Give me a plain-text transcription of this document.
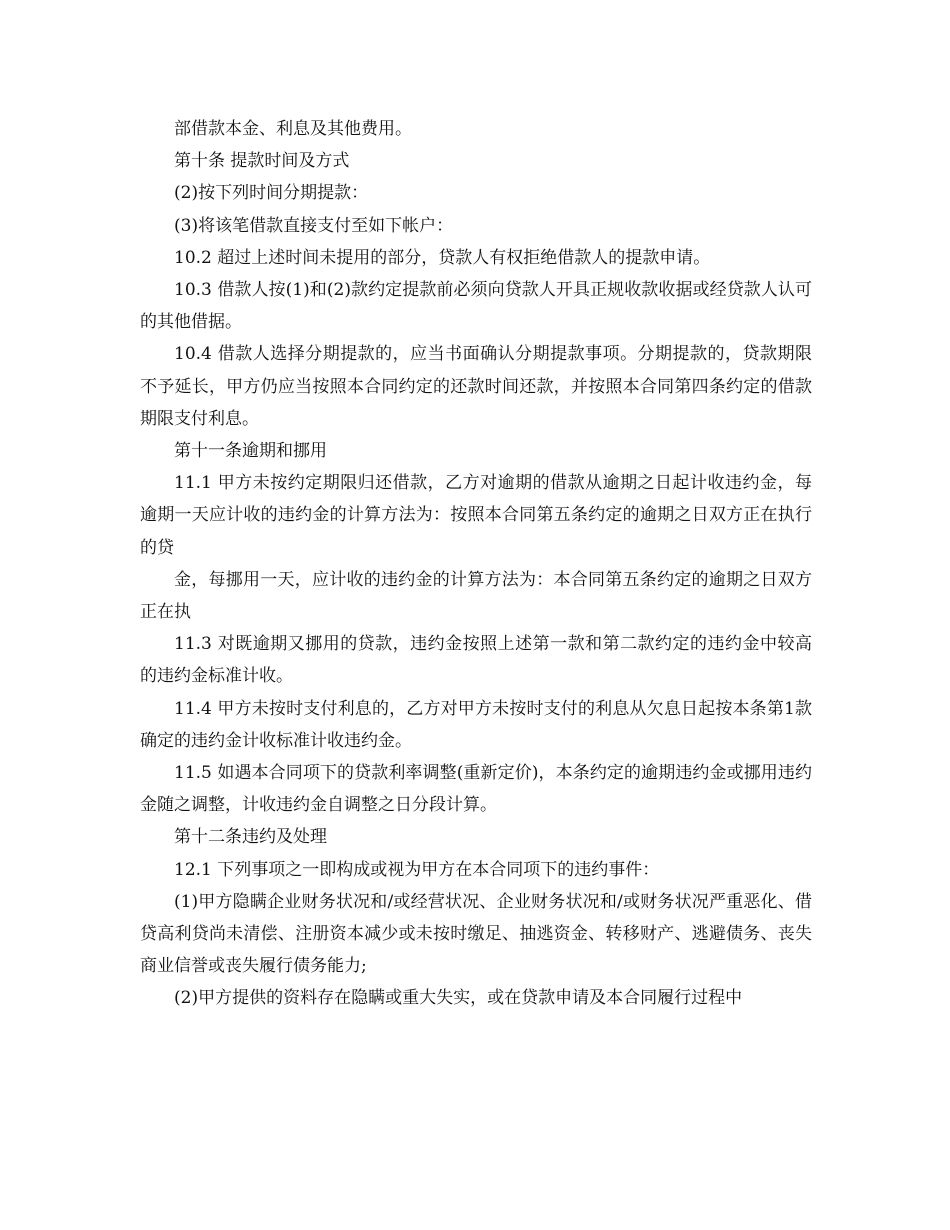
部借款本金、利息及其他费用。

第十条 提款时间及方式

(2)按下列时间分期提款：

(3)将该笔借款直接支付至如下帐户：

10.2 超过上述时间未提用的部分，贷款人有权拒绝借款人的提款申请。

10.3 借款人按(1)和(2)款约定提款前必须向贷款人开具正规收款收据或经贷款人认可的其他借据。

10.4 借款人选择分期提款的，应当书面确认分期提款事项。分期提款的，贷款期限不予延长，甲方仍应当按照本合同约定的还款时间还款，并按照本合同第四条约定的借款期限支付利息。

第十一条逾期和挪用

11.1 甲方未按约定期限归还借款，乙方对逾期的借款从逾期之日起计收违约金，每逾期一天应计收的违约金的计算方法为：按照本合同第五条约定的逾期之日双方正在执行的贷

金，每挪用一天，应计收的违约金的计算方法为：本合同第五条约定的逾期之日双方正在执

11.3 对既逾期又挪用的贷款，违约金按照上述第一款和第二款约定的违约金中较高的违约金标准计收。

11.4 甲方未按时支付利息的，乙方对甲方未按时支付的利息从欠息日起按本条第1款确定的违约金计收标准计收违约金。

11.5 如遇本合同项下的贷款利率调整(重新定价)，本条约定的逾期违约金或挪用违约金随之调整，计收违约金自调整之日分段计算。

第十二条违约及处理

12.1 下列事项之一即构成或视为甲方在本合同项下的违约事件：

(1)甲方隐瞒企业财务状况和/或经营状况、企业财务状况和/或财务状况严重恶化、借贷高利贷尚未清偿、注册资本减少或未按时缴足、抽逃资金、转移财产、逃避债务、丧失商业信誉或丧失履行债务能力;

(2)甲方提供的资料存在隐瞒或重大失实，或在贷款申请及本合同履行过程中
